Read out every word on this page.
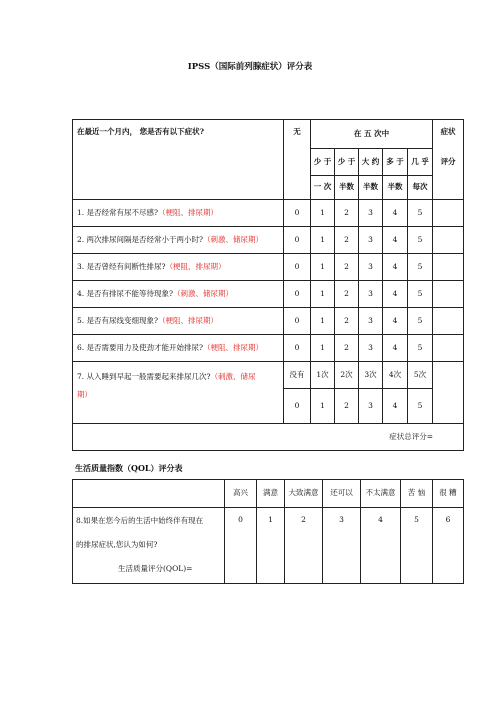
IPSS（国际前列腺症状）评分表
在最近一个月内， 您是否有以下症状?	无	在 五 次中					症状
评分

		少 于	少 于	大 约	多 于	几 乎	
		一 次	半数	半数	半数	每次	
1. 是否经常有尿不尽感?（梗阻、排尿期）	0	1	2	3	4	5	
2. 两次排尿间隔是否经常小于两小时?（刺激、储尿期）	0	1	2	3	4	5	
3. 是否曾经有间断性排尿?（梗阻、排尿期）	0	1	2	3	4	5	
4. 是否有排尿不能等待现象?（刺激、储尿期）	0	1	2	3	4	5	
5. 是否有尿线变细现象?（梗阻、排尿期）	0	1	2	3	4	5	
6. 是否需要用力及使劲才能开始排尿?（梗阻、排尿期）	0	1	2	3	4	5	
7. 从入睡到早起一般需要起来排尿几次?（刺激、储尿
期）	没有	1次	2次	3次	4次	5次	
	0	1	2	3	4	5	
症状总评分=							
生活质量指数（QOL）评分表
	高兴	满意	大致满意	还可以	不太满意	苦 恼	很 糟

8.如果在您今后的生活中始终伴有现在
的排尿症状,您认为如何?
生活质量评分(QOL)=	0	1	2	3	4	5	6
